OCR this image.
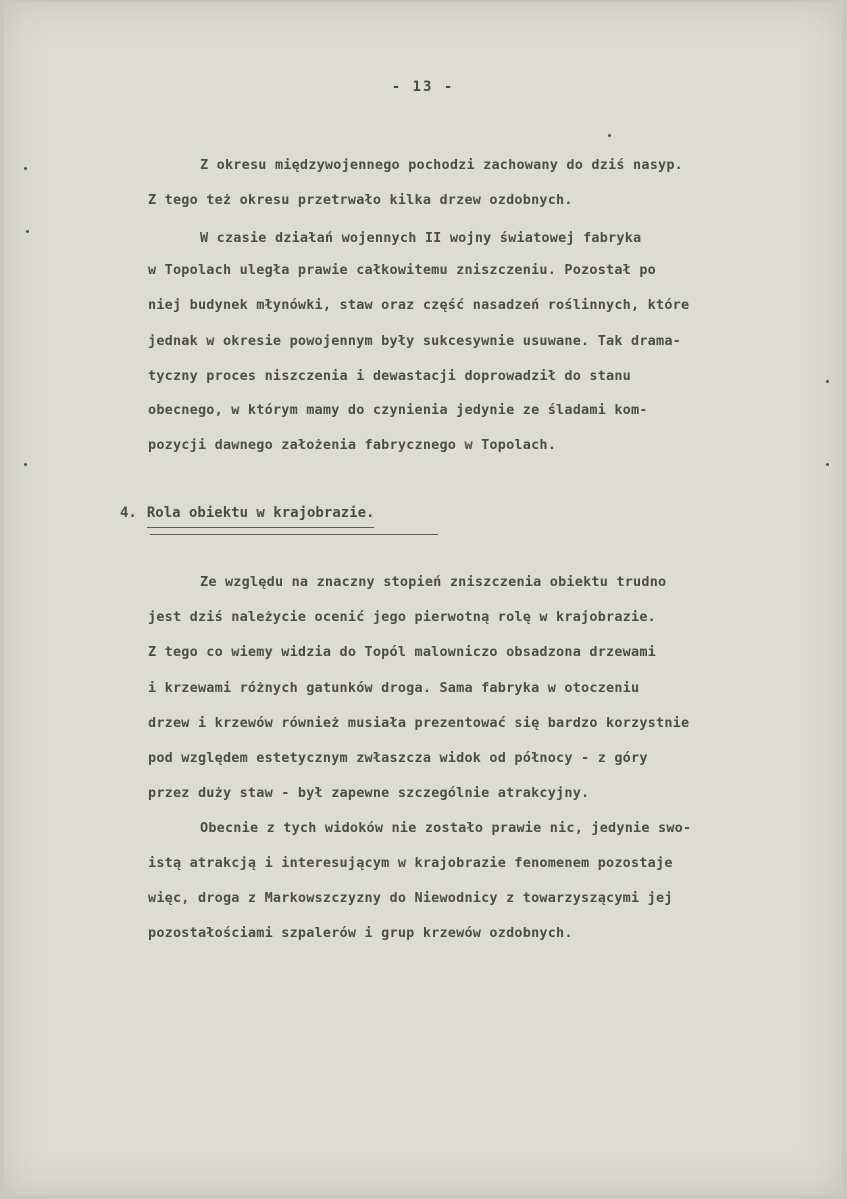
- 13 -
Z okresu międzywojennego pochodzi zachowany do dziś nasyp.
Z tego też okresu przetrwało kilka drzew ozdobnych.
W czasie działań wojennych II wojny światowej fabryka
w Topolach uległa prawie całkowitemu zniszczeniu. Pozostał po
niej budynek młynówki, staw oraz część nasadzeń roślinnych, które
jednak w okresie powojennym były sukcesywnie usuwane. Tak drama-
tyczny proces niszczenia i dewastacji doprowadził do stanu
obecnego, w którym mamy do czynienia jedynie ze śladami kom-
pozycji dawnego założenia fabrycznego w Topolach.
4. Rola obiektu w krajobrazie.
Ze względu na znaczny stopień zniszczenia obiektu trudno
jest dziś należycie ocenić jego pierwotną rolę w krajobrazie.
Z tego co wiemy widzia do Topól malowniczo obsadzona drzewami
i krzewami różnych gatunków droga. Sama fabryka w otoczeniu
drzew i krzewów również musiała prezentować się bardzo korzystnie
pod względem estetycznym zwłaszcza widok od północy - z góry
przez duży staw - był zapewne szczególnie atrakcyjny.
Obecnie z tych widoków nie zostało prawie nic, jedynie swo-
istą atrakcją i interesującym w krajobrazie fenomenem pozostaje
więc, droga z Markowszczyzny do Niewodnicy z towarzyszącymi jej
pozostałościami szpalerów i grup krzewów ozdobnych.
